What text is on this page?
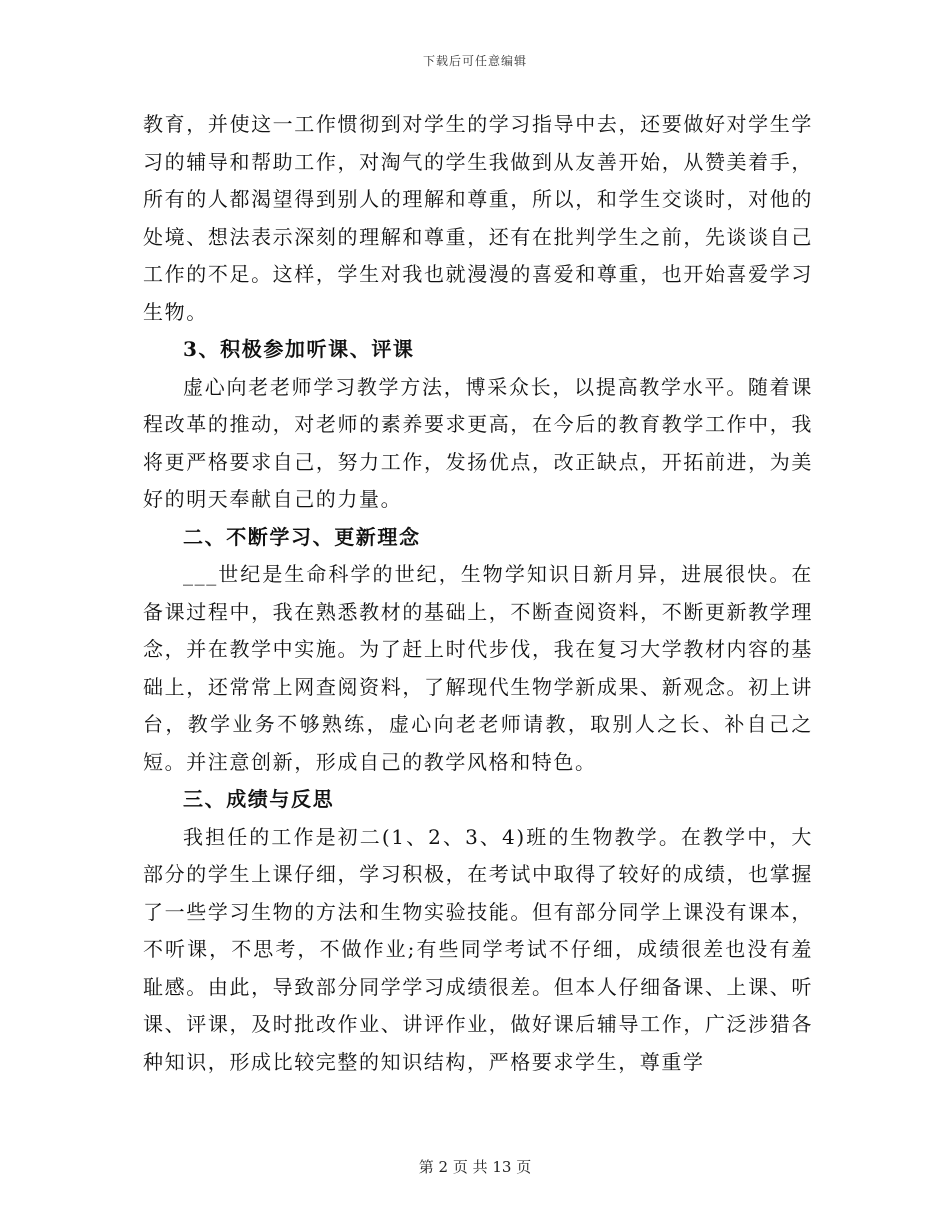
下载后可任意编辑

教育，并使这一工作惯彻到对学生的学习指导中去，还要做好对学生学习的辅导和帮助工作，对淘气的学生我做到从友善开始，从赞美着手，所有的人都渴望得到别人的理解和尊重，所以，和学生交谈时，对他的处境、想法表示深刻的理解和尊重，还有在批判学生之前，先谈谈自己工作的不足。这样，学生对我也就漫漫的喜爱和尊重，也开始喜爱学习生物。

3、积极参加听课、评课

虚心向老老师学习教学方法，博采众长，以提高教学水平。随着课程改革的推动，对老师的素养要求更高，在今后的教育教学工作中，我将更严格要求自己，努力工作，发扬优点，改正缺点，开拓前进，为美好的明天奉献自己的力量。

二、不断学习、更新理念

___世纪是生命科学的世纪，生物学知识日新月异，进展很快。在备课过程中，我在熟悉教材的基础上，不断查阅资料，不断更新教学理念，并在教学中实施。为了赶上时代步伐，我在复习大学教材内容的基础上，还常常上网查阅资料，了解现代生物学新成果、新观念。初上讲台，教学业务不够熟练，虚心向老老师请教，取别人之长、补自己之短。并注意创新，形成自己的教学风格和特色。

三、成绩与反思

我担任的工作是初二(1、2、3、4)班的生物教学。在教学中，大部分的学生上课仔细，学习积极，在考试中取得了较好的成绩，也掌握了一些学习生物的方法和生物实验技能。但有部分同学上课没有课本，不听课，不思考，不做作业;有些同学考试不仔细，成绩很差也没有羞耻感。由此，导致部分同学学习成绩很差。但本人仔细备课、上课、听课、评课，及时批改作业、讲评作业，做好课后辅导工作，广泛涉猎各种知识，形成比较完整的知识结构，严格要求学生，尊重学

第 2 页 共 13 页
